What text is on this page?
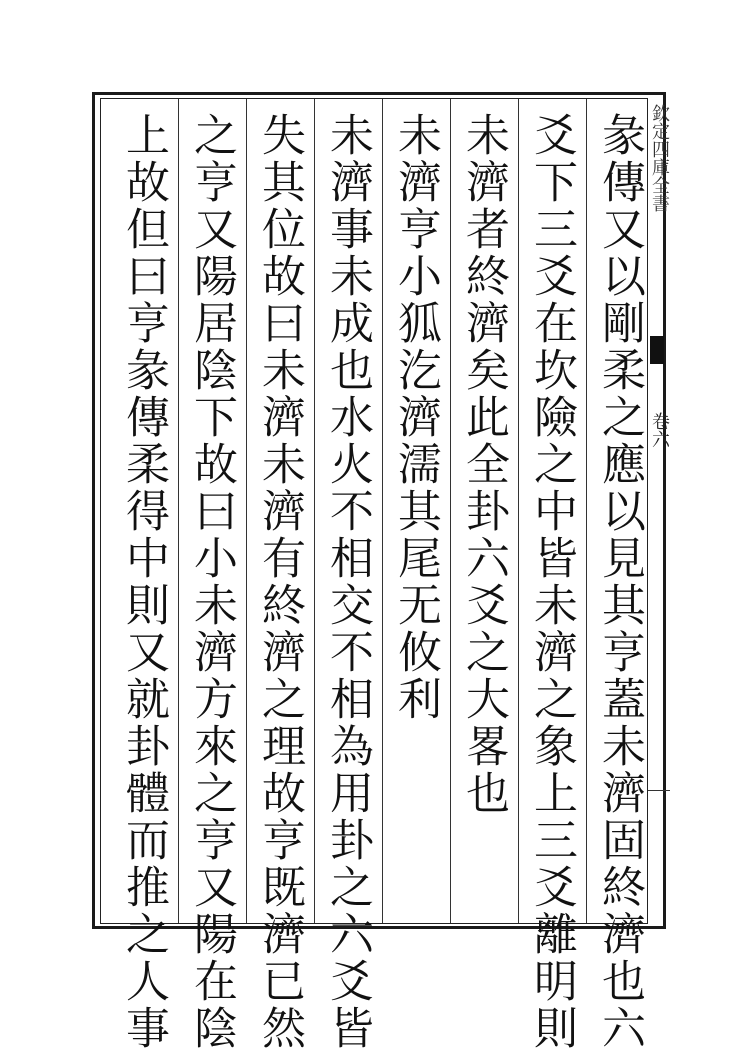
彖傳又以剛柔之應以見其亨蓋未濟固終濟也六
爻下三爻在坎險之中皆未濟之象上三爻離明則
未濟者終濟矣此全卦六爻之大畧也
未濟亨小狐汔濟濡其尾无攸利
未濟事未成也水火不相交不相為用卦之六爻皆
失其位故曰未濟未濟有終濟之理故亨既濟已然
之亨又陽居陰下故曰小未濟方來之亨又陽在陰
上故但曰亨彖傳柔得中則又就卦體而推之人事	欽定四庫全書
卷六
